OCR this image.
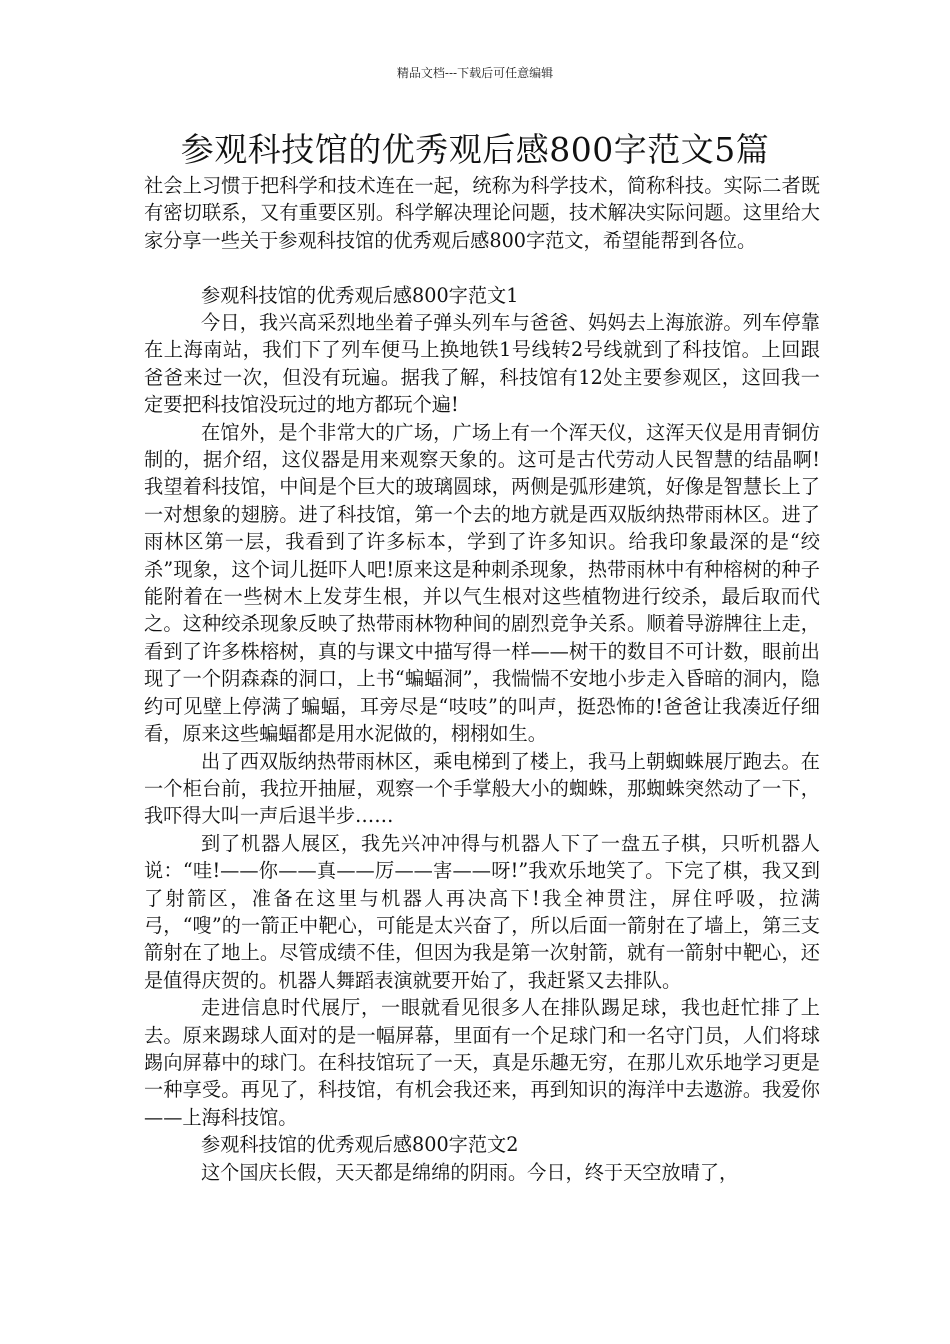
精品文档---下载后可任意编辑
参观科技馆的优秀观后感800字范文5篇

社会上习惯于把科学和技术连在一起，统称为科学技术，简称科技。实际二者既有密切联系，又有重要区别。科学解决理论问题，技术解决实际问题。这里给大家分享一些关于参观科技馆的优秀观后感800字范文，希望能帮到各位。

参观科技馆的优秀观后感800字范文1

今日，我兴高采烈地坐着子弹头列车与爸爸、妈妈去上海旅游。列车停靠在上海南站，我们下了列车便马上换地铁1号线转2号线就到了科技馆。上回跟爸爸来过一次，但没有玩遍。据我了解，科技馆有12处主要参观区，这回我一定要把科技馆没玩过的地方都玩个遍!

在馆外，是个非常大的广场，广场上有一个浑天仪，这浑天仪是用青铜仿制的，据介绍，这仪器是用来观察天象的。这可是古代劳动人民智慧的结晶啊!我望着科技馆，中间是个巨大的玻璃圆球，两侧是弧形建筑，好像是智慧长上了一对想象的翅膀。进了科技馆，第一个去的地方就是西双版纳热带雨林区。进了雨林区第一层，我看到了许多标本，学到了许多知识。给我印象最深的是“绞杀”现象，这个词儿挺吓人吧!原来这是种刺杀现象，热带雨林中有种榕树的种子能附着在一些树木上发芽生根，并以气生根对这些植物进行绞杀，最后取而代之。这种绞杀现象反映了热带雨林物种间的剧烈竞争关系。顺着导游牌往上走，看到了许多株榕树，真的与课文中描写得一样——树干的数目不可计数，眼前出现了一个阴森森的洞口，上书“蝙蝠洞”，我惴惴不安地小步走入昏暗的洞内，隐约可见壁上停满了蝙蝠，耳旁尽是“吱吱”的叫声，挺恐怖的!爸爸让我凑近仔细看，原来这些蝙蝠都是用水泥做的，栩栩如生。

出了西双版纳热带雨林区，乘电梯到了楼上，我马上朝蜘蛛展厅跑去。在一个柜台前，我拉开抽屉，观察一个手掌般大小的蜘蛛，那蜘蛛突然动了一下，我吓得大叫一声后退半步……

到了机器人展区，我先兴冲冲得与机器人下了一盘五子棋，只听机器人说：“哇!——你——真——厉——害——呀!”我欢乐地笑了。下完了棋，我又到了射箭区，准备在这里与机器人再决高下!我全神贯注，屏住呼吸，拉满弓，“嗖”的一箭正中靶心，可能是太兴奋了，所以后面一箭射在了墙上，第三支箭射在了地上。尽管成绩不佳，但因为我是第一次射箭，就有一箭射中靶心，还是值得庆贺的。机器人舞蹈表演就要开始了，我赶紧又去排队。

走进信息时代展厅，一眼就看见很多人在排队踢足球，我也赶忙排了上去。原来踢球人面对的是一幅屏幕，里面有一个足球门和一名守门员，人们将球踢向屏幕中的球门。在科技馆玩了一天，真是乐趣无穷，在那儿欢乐地学习更是一种享受。再见了，科技馆，有机会我还来，再到知识的海洋中去遨游。我爱你——上海科技馆。

参观科技馆的优秀观后感800字范文2

这个国庆长假，天天都是绵绵的阴雨。今日，终于天空放晴了，
